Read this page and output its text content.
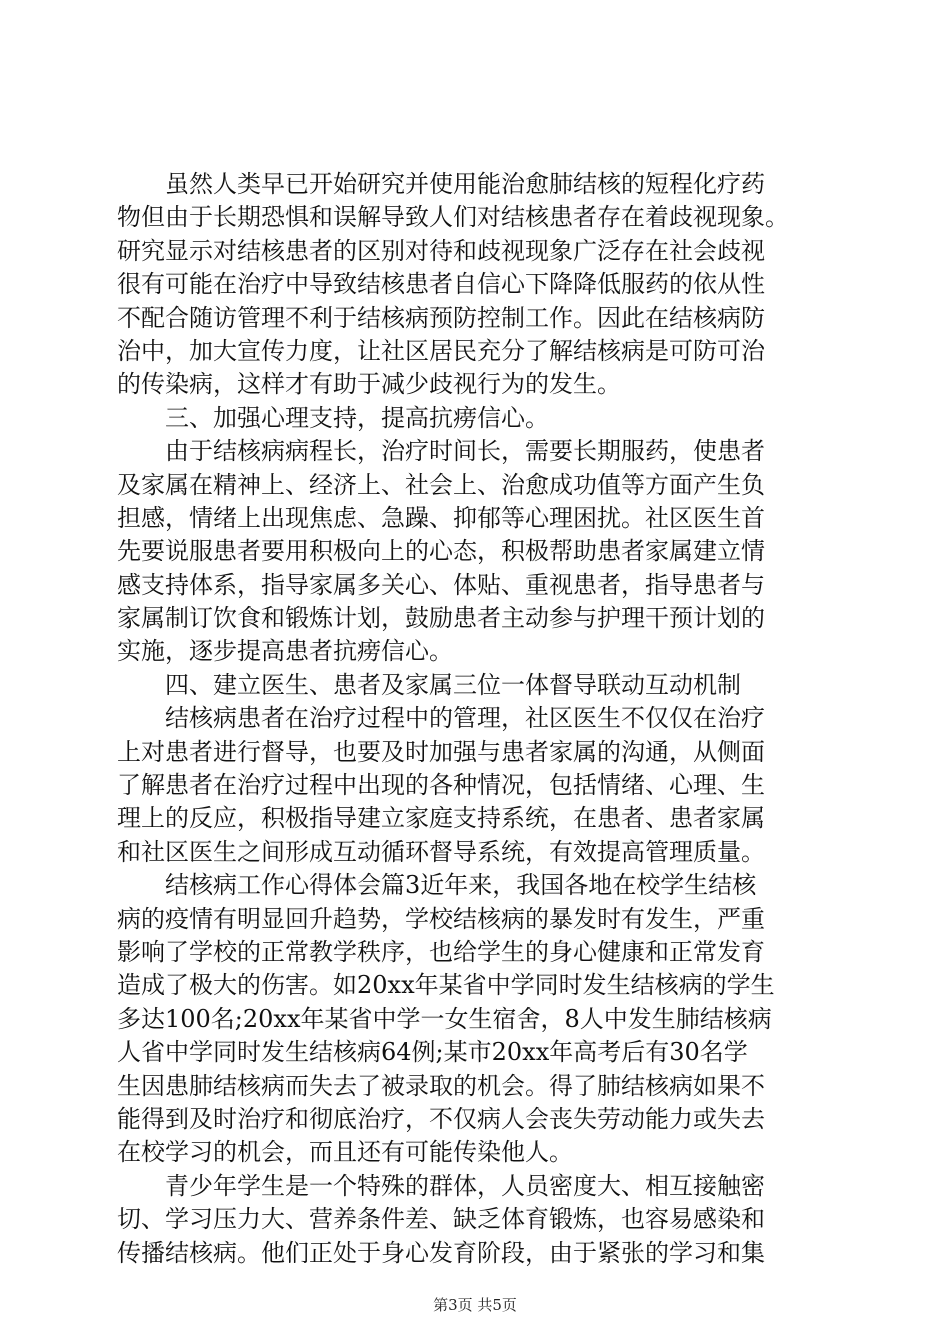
虽然人类早已开始研究并使用能治愈肺结核的短程化疗药
物但由于长期恐惧和误解导致人们对结核患者存在着歧视现象。
研究显示对结核患者的区别对待和歧视现象广泛存在社会歧视
很有可能在治疗中导致结核患者自信心下降降低服药的依从性
不配合随访管理不利于结核病预防控制工作。因此在结核病防
治中，加大宣传力度，让社区居民充分了解结核病是可防可治
的传染病，这样才有助于减少歧视行为的发生。
三、加强心理支持，提高抗痨信心。
由于结核病病程长，治疗时间长，需要长期服药，使患者
及家属在精神上、经济上、社会上、治愈成功值等方面产生负
担感，情绪上出现焦虑、急躁、抑郁等心理困扰。社区医生首
先要说服患者要用积极向上的心态，积极帮助患者家属建立情
感支持体系，指导家属多关心、体贴、重视患者，指导患者与
家属制订饮食和锻炼计划，鼓励患者主动参与护理干预计划的
实施，逐步提高患者抗痨信心。
四、建立医生、患者及家属三位一体督导联动互动机制
结核病患者在治疗过程中的管理，社区医生不仅仅在治疗
上对患者进行督导，也要及时加强与患者家属的沟通，从侧面
了解患者在治疗过程中出现的各种情况，包括情绪、心理、生
理上的反应，积极指导建立家庭支持系统，在患者、患者家属
和社区医生之间形成互动循环督导系统，有效提高管理质量。
结核病工作心得体会篇3近年来，我国各地在校学生结核
病的疫情有明显回升趋势，学校结核病的暴发时有发生，严重
影响了学校的正常教学秩序，也给学生的身心健康和正常发育
造成了极大的伤害。如20xx年某省中学同时发生结核病的学生
多达100名;20xx年某省中学一女生宿舍，8人中发生肺结核病
人省中学同时发生结核病64例;某市20xx年高考后有30名学
生因患肺结核病而失去了被录取的机会。得了肺结核病如果不
能得到及时治疗和彻底治疗，不仅病人会丧失劳动能力或失去
在校学习的机会，而且还有可能传染他人。
青少年学生是一个特殊的群体，人员密度大、相互接触密
切、学习压力大、营养条件差、缺乏体育锻炼，也容易感染和
传播结核病。他们正处于身心发育阶段，由于紧张的学习和集
第3页 共5页
